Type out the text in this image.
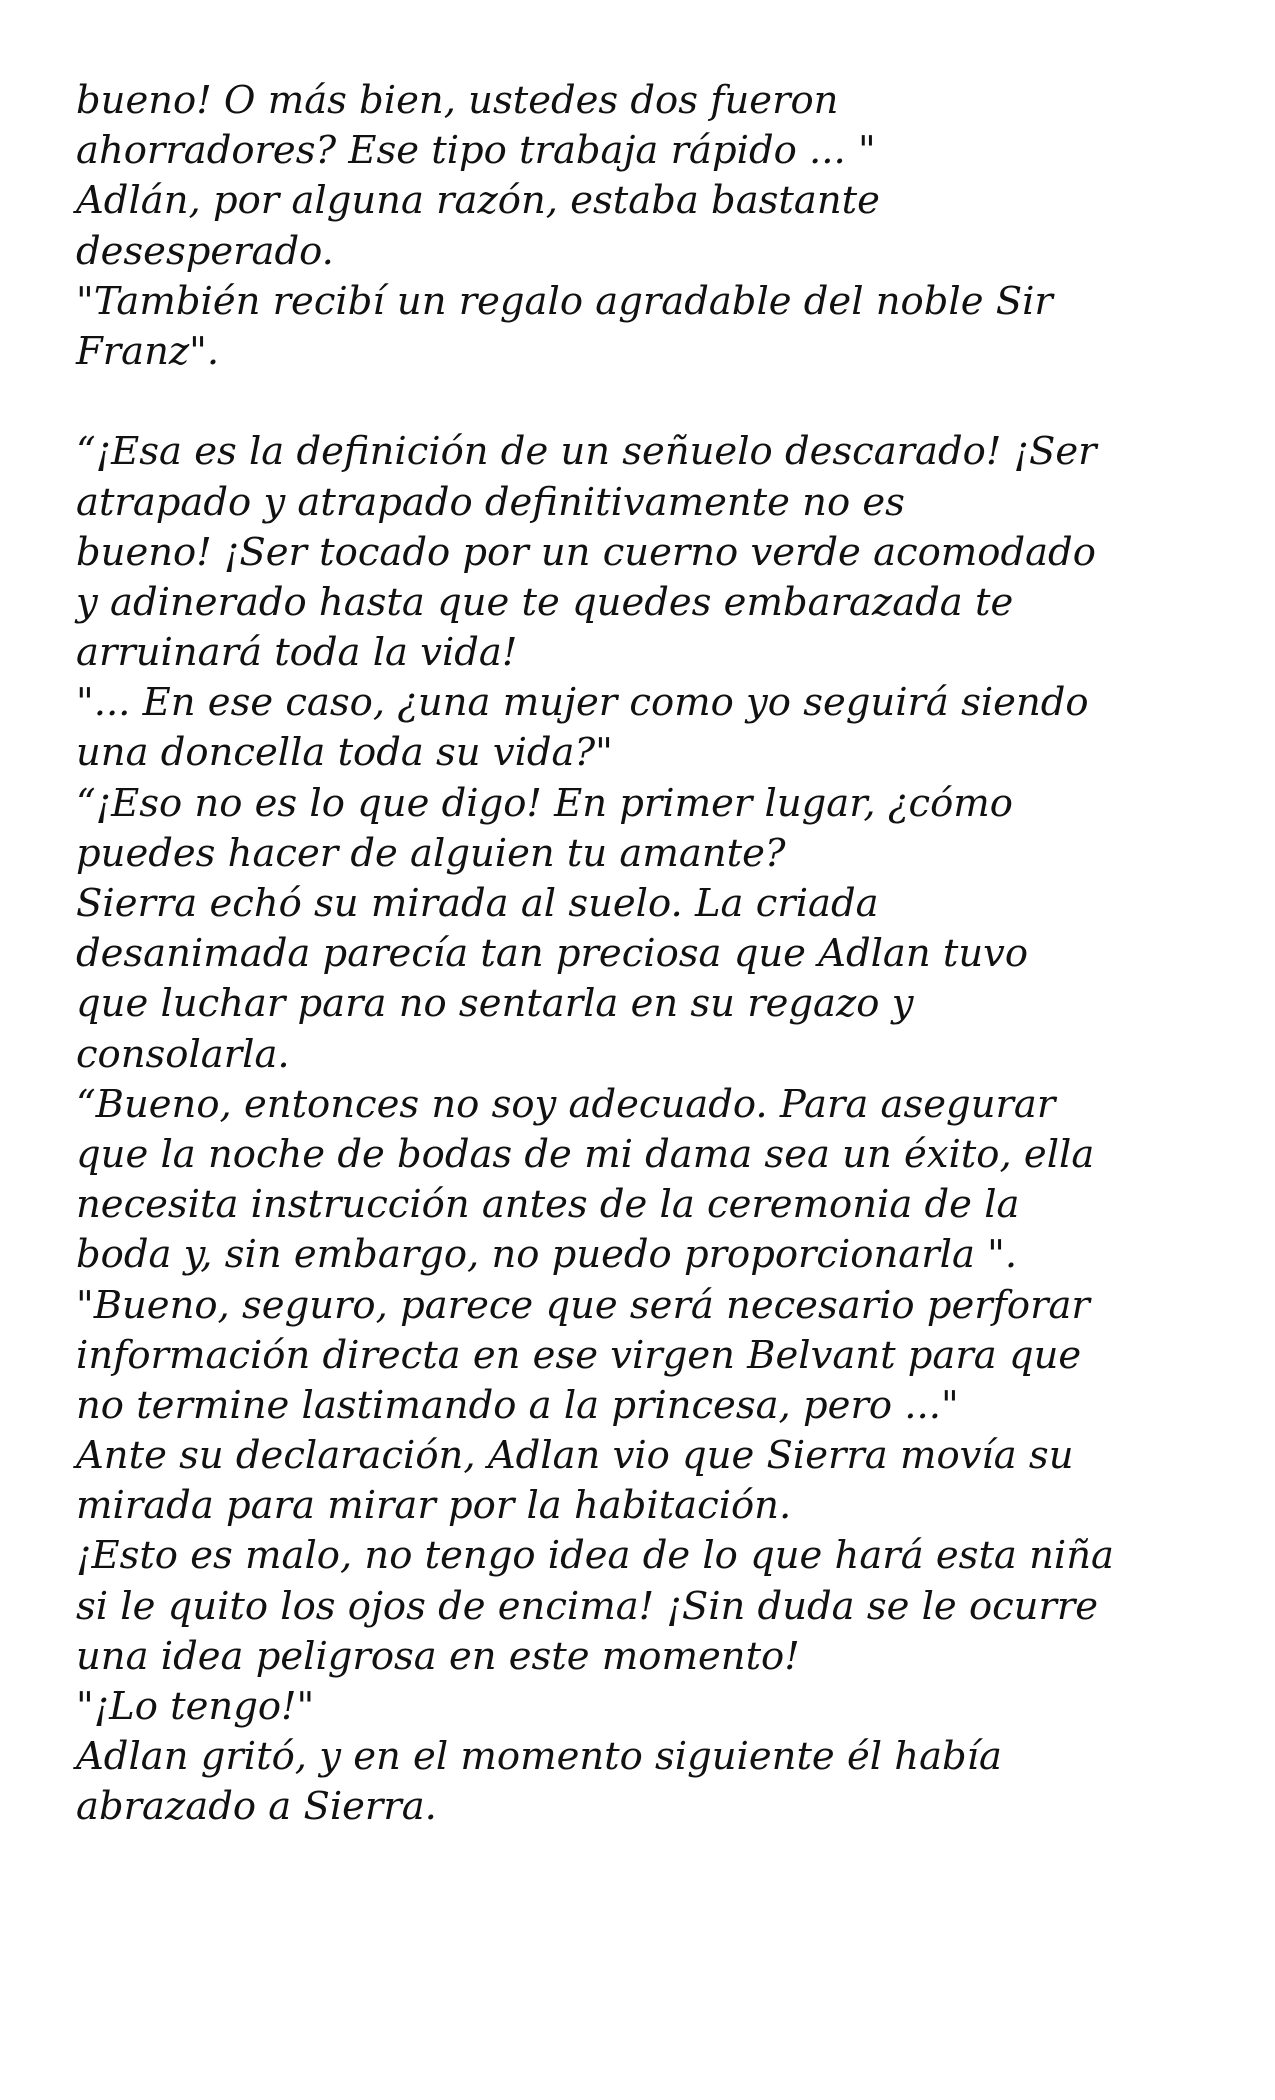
bueno! O más bien, ustedes dos fueron
ahorradores? Ese tipo trabaja rápido ... "
Adlán, por alguna razón, estaba bastante
desesperado.
"También recibí un regalo agradable del noble Sir
Franz".
“¡Esa es la definición de un señuelo descarado! ¡Ser
atrapado y atrapado definitivamente no es
bueno! ¡Ser tocado por un cuerno verde acomodado
y adinerado hasta que te quedes embarazada te
arruinará toda la vida!
"... En ese caso, ¿una mujer como yo seguirá siendo
una doncella toda su vida?"
“¡Eso no es lo que digo! En primer lugar, ¿cómo
puedes hacer de alguien tu amante?
Sierra echó su mirada al suelo. La criada
desanimada parecía tan preciosa que Adlan tuvo
que luchar para no sentarla en su regazo y
consolarla.
“Bueno, entonces no soy adecuado. Para asegurar
que la noche de bodas de mi dama sea un éxito, ella
necesita instrucción antes de la ceremonia de la
boda y, sin embargo, no puedo proporcionarla ".
"Bueno, seguro, parece que será necesario perforar
información directa en ese virgen Belvant para que
no termine lastimando a la princesa, pero ..."
Ante su declaración, Adlan vio que Sierra movía su
mirada para mirar por la habitación.
¡Esto es malo, no tengo idea de lo que hará esta niña
si le quito los ojos de encima! ¡Sin duda se le ocurre
una idea peligrosa en este momento!
"¡Lo tengo!"
Adlan gritó, y en el momento siguiente él había
abrazado a Sierra.
